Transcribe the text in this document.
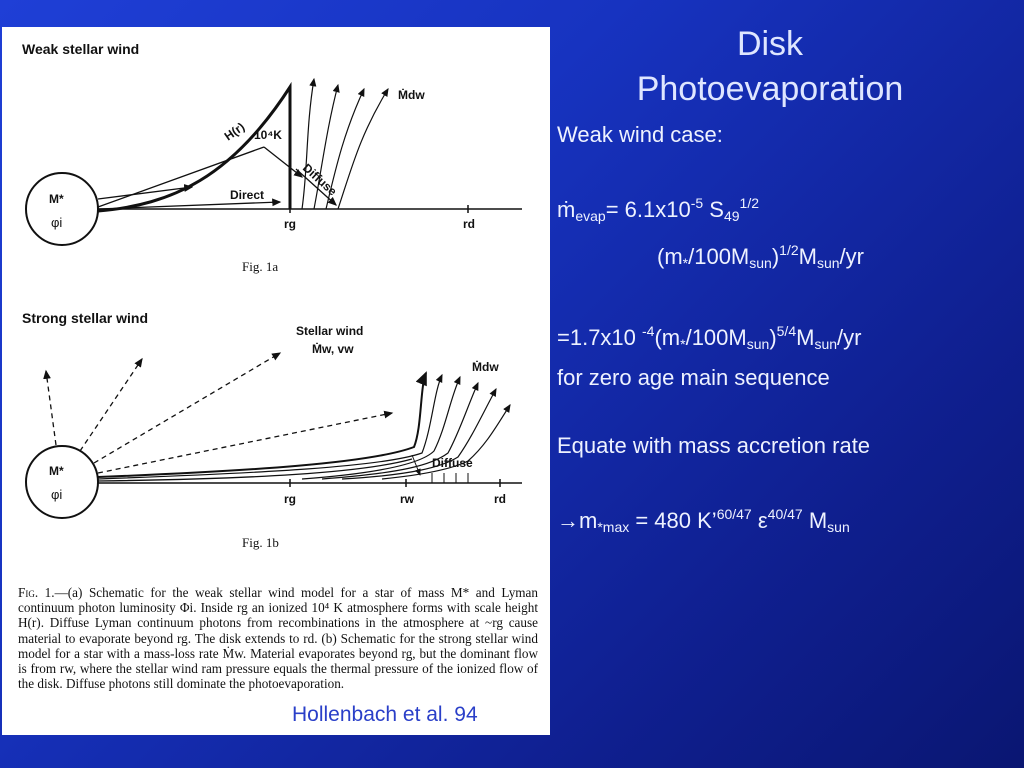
Weak stellar wind
M*
φi
H(r) 10⁴K
Direct	Diffuse
Ṁdw
rg	rd
Fig. 1a
Strong stellar wind
M*
φi
Stellar wind
Ṁw, vw
Diffuse
Ṁdw
rg	rw	rd
Fig. 1b
Fig. 1.—(a) Schematic for the weak stellar wind model for a star of mass M* and Lyman continuum photon luminosity Φi. Inside rg an ionized 10⁴ K atmosphere forms with scale height H(r). Diffuse Lyman continuum photons from recombinations in the atmosphere at ~rg cause material to evaporate beyond rg. The disk extends to rd. (b) Schematic for the strong stellar wind model for a star with a mass-loss rate Ṁw. Material evaporates beyond rg, but the dominant flow is from rw, where the stellar wind ram pressure equals the thermal pressure of the ionized flow of the disk. Diffuse photons still dominate the photoevaporation.
Hollenbach et al. 94
Disk
Photoevaporation
Weak wind case:
ṁ$_{evap}$= $6.1x10^{-5}$ $S_{49}^{1/2}$
$(m_*/100M_{sun})^{1/2}M_{sun}/yr$
=1.7x10 $^{-4}(m_*/100M_{sun})^{5/4}M_{sun}/yr$
for zero age main sequence
Equate with mass accretion rate
$\to m_{*max} = 480$ K’$^{60/47}$ $\varepsilon^{40/47}$ $M_{sun}$
